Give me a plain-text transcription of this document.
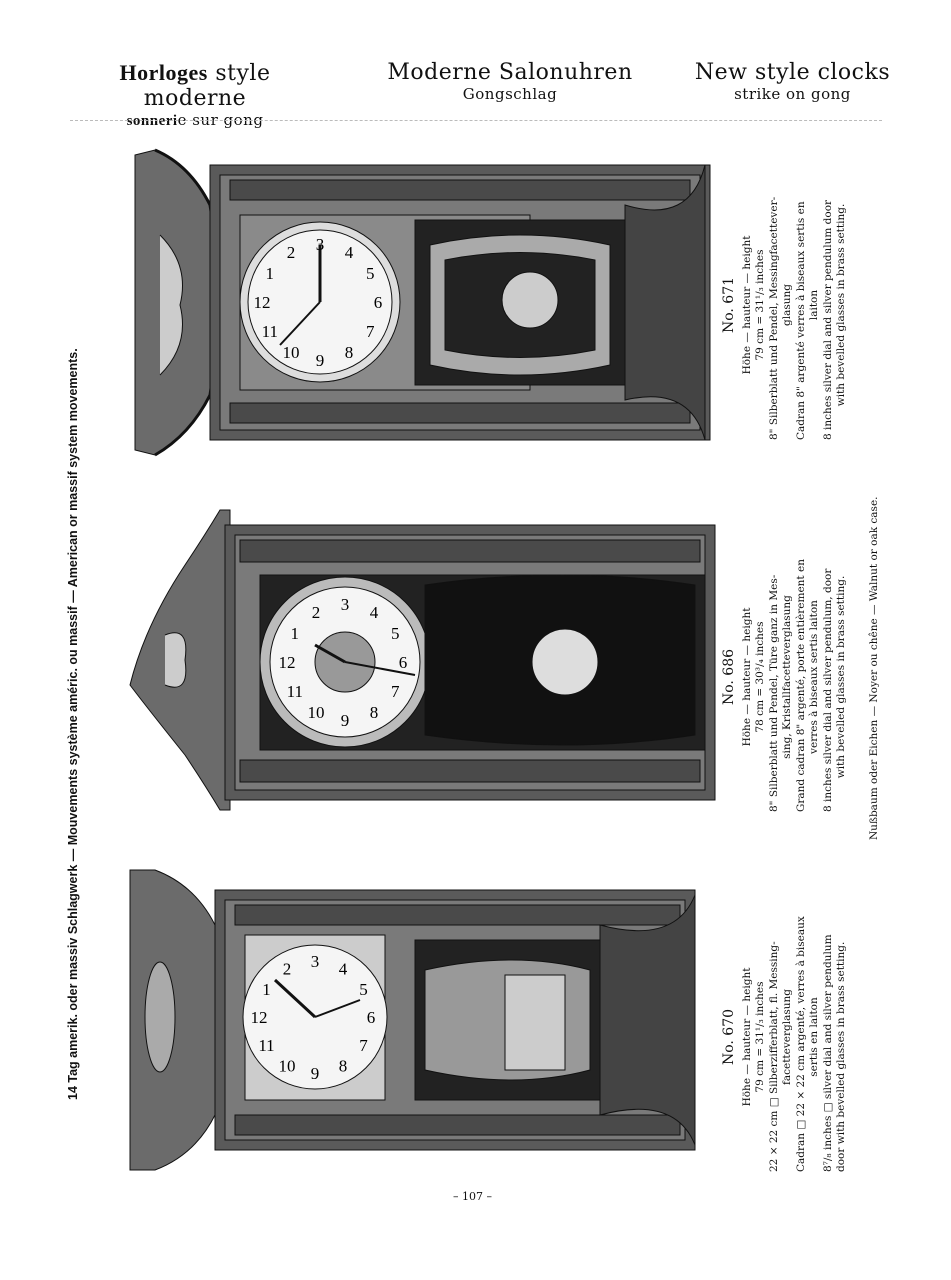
Horloges style moderne
sonnerie sur gong
Moderne Salonuhren
Gongschlag
New style clocks
strike on gong
14 Tag amerik. oder massiv Schlagwerk — Mouvements système améric. ou massif — American or massif system movements.
12
1
2 3 4
5
6
7
8
9
10
11
12
1
2 3 4
5
6
7
8
9
10
11
12
1
2 3 4
5
6
7
8
9
10
11
No. 671 Höhe — hauteur — height 79 cm = 31¹/₃ inches 8" Silberblatt und Pendel, Messingfacettever- glasung Cadran 8" argenté verres à biseaux sertis en laiton 8 inches silver dial and silver pendulum door with bevelled glasses in brass setting.
No. 686 Höhe — hauteur — height 78 cm = 30³/₄ inches 8" Silberblatt und Pendel, Türe ganz in Mes- sing, Kristallfacetteverglasung Grand cadran 8" argenté, porte entièrement en verres à biseaux sertis laiton 8 inches silver dial and silver pendulum, door with bevelled glasses in brass setting.
No. 670 Höhe — hauteur — height 79 cm = 31¹/₃ inches 22 × 22 cm □ Silberzifferblatt, fl. Messing- facetteverglasung Cadran □ 22 × 22 cm argenté, verres à biseaux sertis en laiton 8⁷/₈ inches □ silver dial and silver pendulum door with bevelled glasses in brass setting.
Nußbaum oder Eichen — Noyer ou chêne — Walnut or oak case.
– 107 –
